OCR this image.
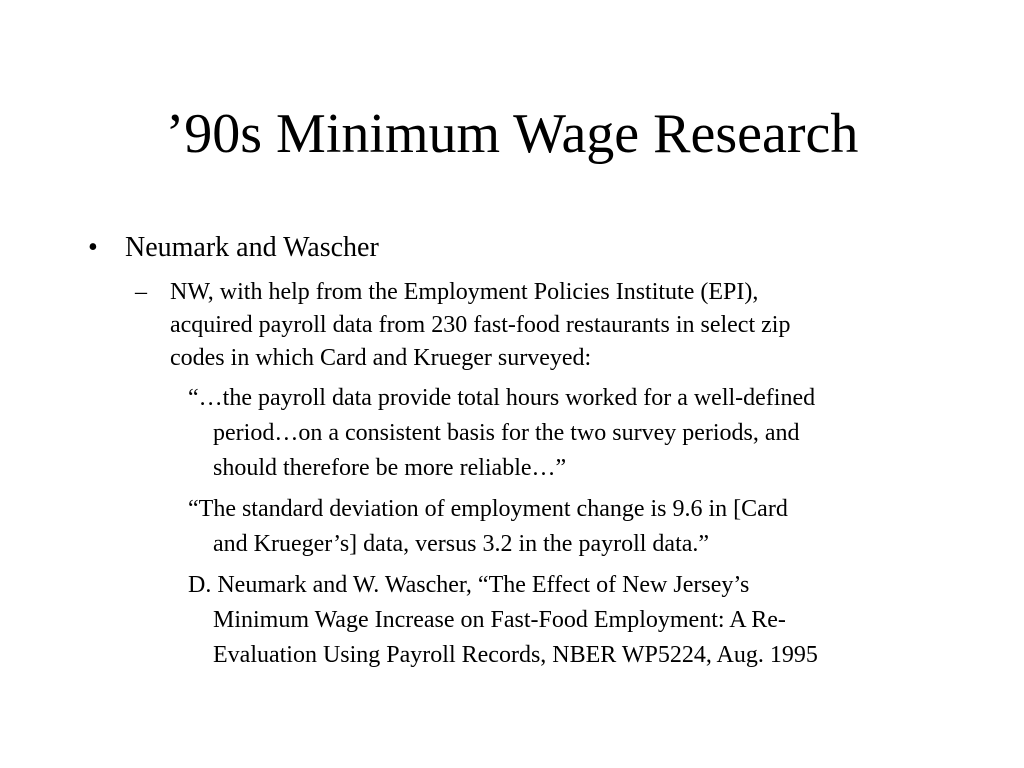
’90s Minimum Wage Research
• Neumark and Wascher
– NW, with help from the Employment Policies Institute (EPI),
acquired payroll data from 230 fast-food restaurants in select zip
codes in which Card and Krueger surveyed:
“…the payroll data provide total hours worked for a well-defined
period…on a consistent basis for the two survey periods, and
should therefore be more reliable…”
“The standard deviation of employment change is 9.6 in [Card
and Krueger’s] data, versus 3.2 in the payroll data.”
D. Neumark and W. Wascher, “The Effect of New Jersey’s
Minimum Wage Increase on Fast-Food Employment: A Re-
Evaluation Using Payroll Records, NBER WP5224, Aug. 1995
